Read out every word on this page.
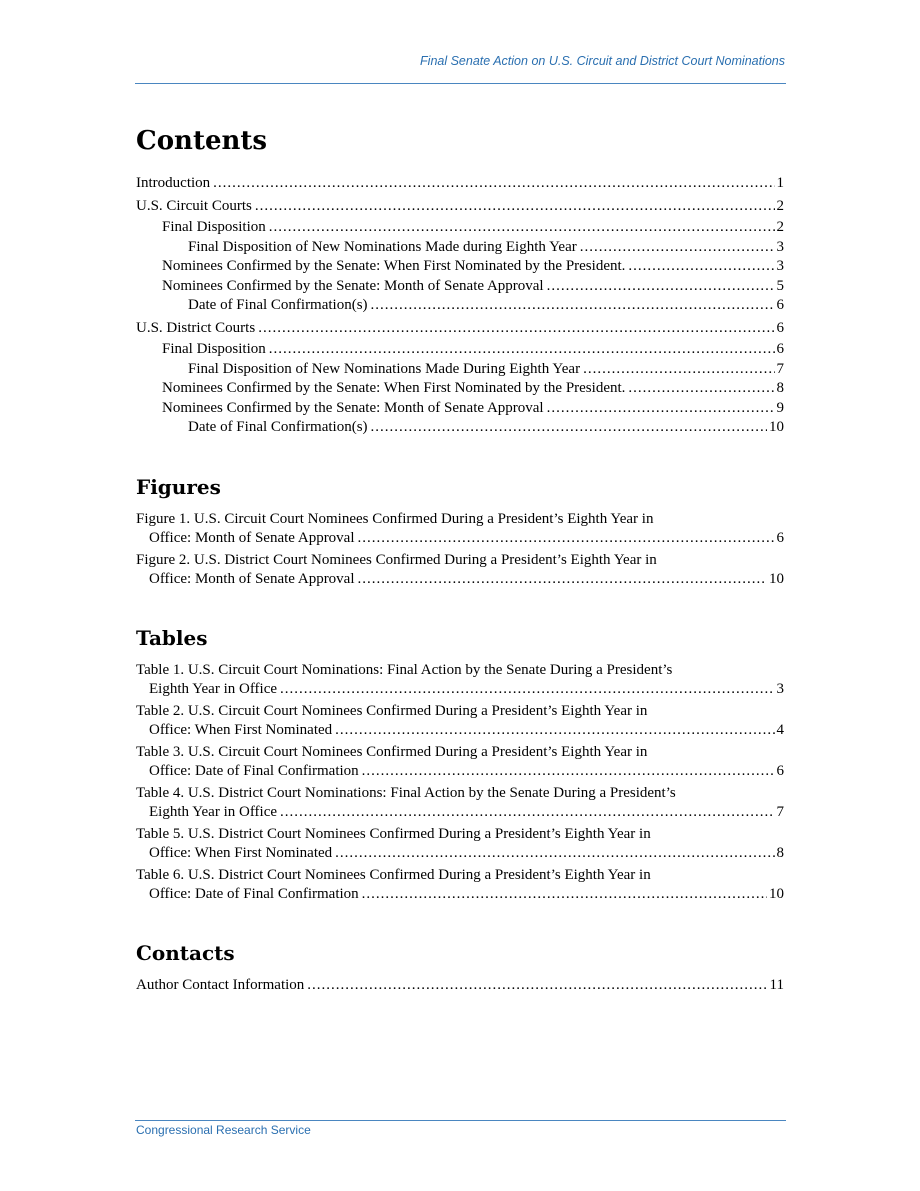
Final Senate Action on U.S. Circuit and District Court Nominations
Contents
Introduction .....	1
U.S. Circuit Courts .....	2
Final Disposition .....	2
Final Disposition of New Nominations Made during Eighth Year .....	3
Nominees Confirmed by the Senate: When First Nominated by the President. .....	3
Nominees Confirmed by the Senate: Month of Senate Approval .....	5
Date of Final Confirmation(s) .....	6
U.S. District Courts .....	6
Final Disposition .....	6
Final Disposition of New Nominations Made During Eighth Year .....	7
Nominees Confirmed by the Senate: When First Nominated by the President. .....	8
Nominees Confirmed by the Senate: Month of Senate Approval .....	9
Date of Final Confirmation(s) .....	10
Figures
Figure 1. U.S. Circuit Court Nominees Confirmed During a President’s Eighth Year in
Office: Month of Senate Approval .....	6
Figure 2. U.S. District Court Nominees Confirmed During a President’s Eighth Year in
Office: Month of Senate Approval .....	10
Tables
Table 1. U.S. Circuit Court Nominations: Final Action by the Senate During a President’s
Eighth Year in Office .....	3
Table 2. U.S. Circuit Court Nominees Confirmed During a President’s Eighth Year in
Office: When First Nominated .....	4
Table 3. U.S. Circuit Court Nominees Confirmed During a President’s Eighth Year in
Office: Date of Final Confirmation .....	6
Table 4. U.S. District Court Nominations: Final Action by the Senate During a President’s
Eighth Year in Office .....	7
Table 5. U.S. District Court Nominees Confirmed During a President’s Eighth Year in
Office: When First Nominated .....	8
Table 6. U.S. District Court Nominees Confirmed During a President’s Eighth Year in
Office: Date of Final Confirmation .....	10
Contacts
Author Contact Information .....	11
Congressional Research Service
